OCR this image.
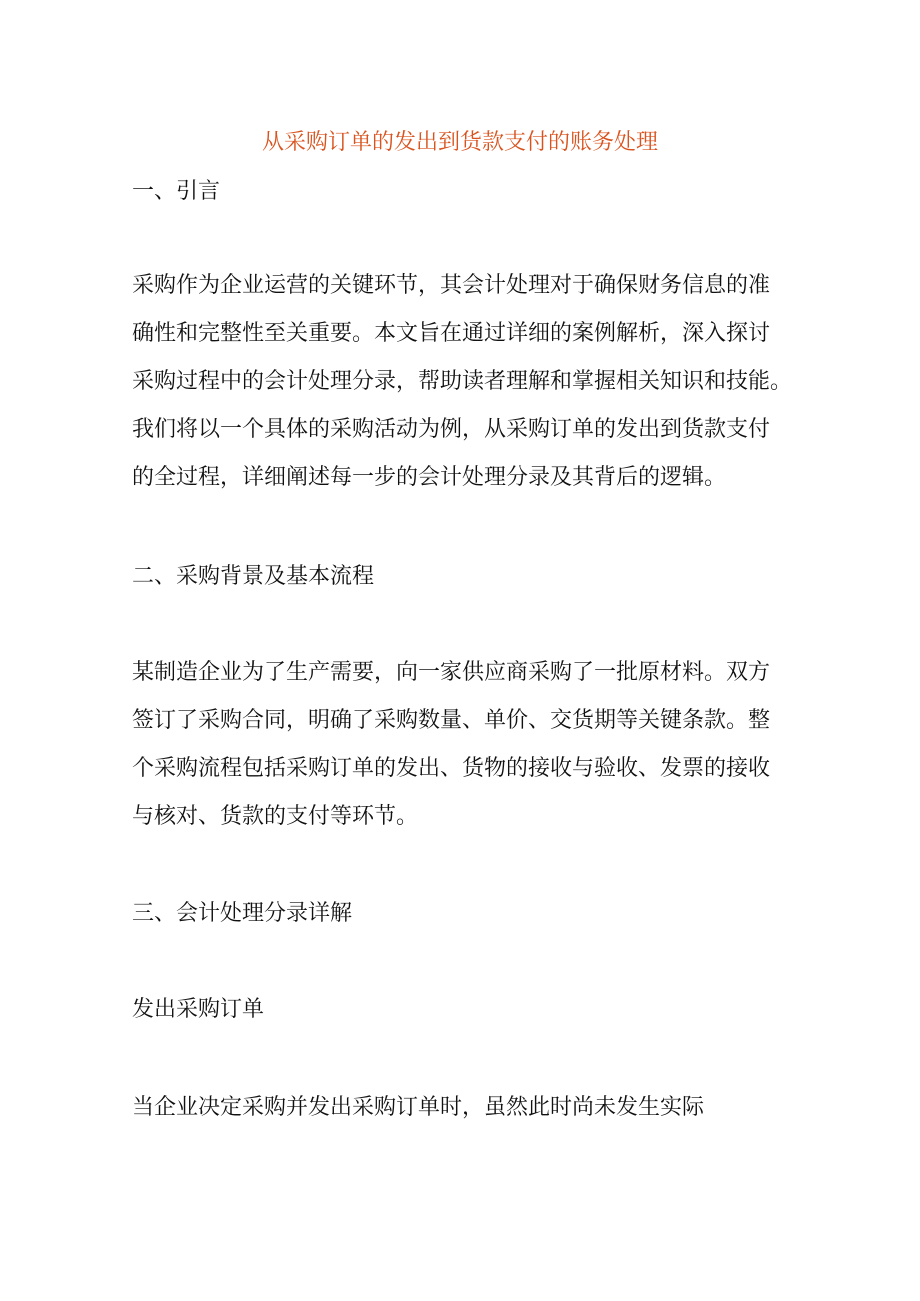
从采购订单的发出到货款支付的账务处理
一、引言
采购作为企业运营的关键环节，其会计处理对于确保财务信息的准
确性和完整性至关重要。本文旨在通过详细的案例解析，深入探讨
采购过程中的会计处理分录，帮助读者理解和掌握相关知识和技能。
我们将以一个具体的采购活动为例，从采购订单的发出到货款支付
的全过程，详细阐述每一步的会计处理分录及其背后的逻辑。
二、采购背景及基本流程
某制造企业为了生产需要，向一家供应商采购了一批原材料。双方
签订了采购合同，明确了采购数量、单价、交货期等关键条款。整
个采购流程包括采购订单的发出、货物的接收与验收、发票的接收
与核对、货款的支付等环节。
三、会计处理分录详解
发出采购订单
当企业决定采购并发出采购订单时，虽然此时尚未发生实际
